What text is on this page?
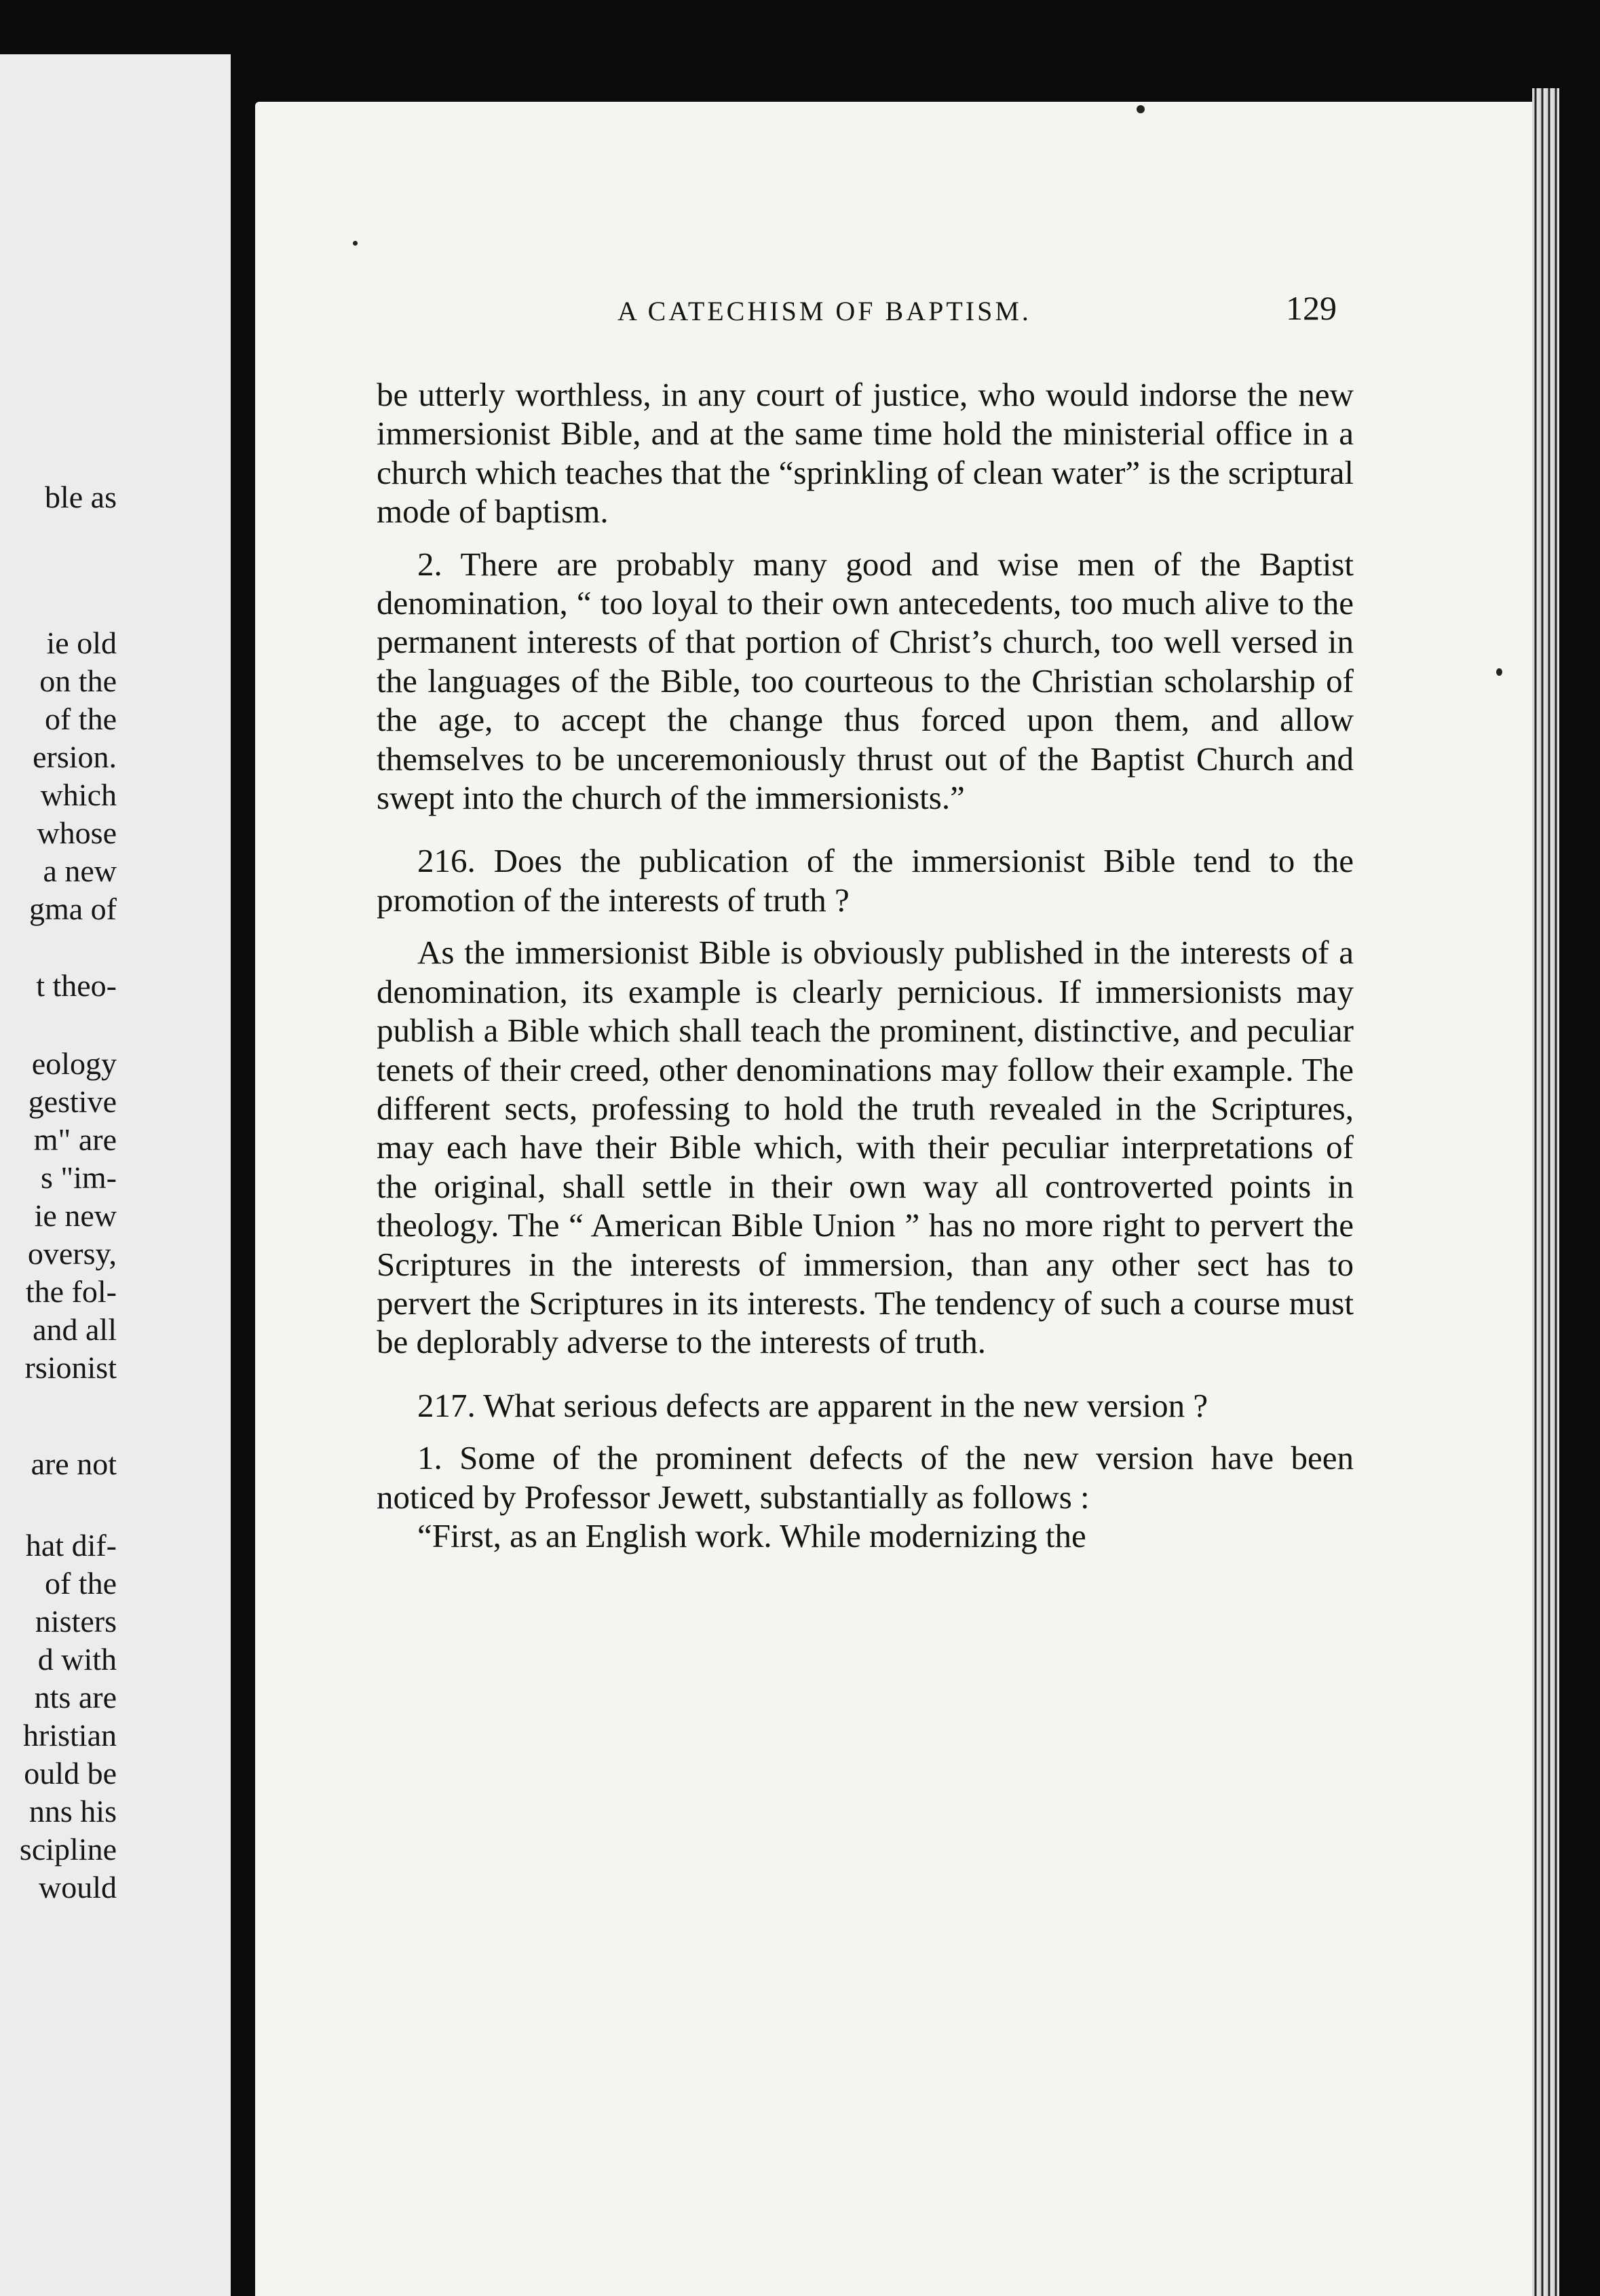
ble as
ie old
on the
of the
ersion.
which
whose
a new
gma of
t theo-
eology
gestive
m" are
s "im-
ie new
oversy,
the fol-
and all
rsionist
are not
hat dif-
of the
nisters
d with
nts are
hristian
ould be
nns his
scipline
would
A CATECHISM OF BAPTISM.	129

be utterly worthless, in any court of justice, who would indorse the new immersionist Bible, and at the same time hold the ministerial office in a church which teaches that the “sprinkling of clean water” is the scriptural mode of baptism.

2. There are probably many good and wise men of the Baptist denomination, “ too loyal to their own antecedents, too much alive to the permanent interests of that portion of Christ’s church, too well versed in the languages of the Bible, too courteous to the Christian scholarship of the age, to accept the change thus forced upon them, and allow themselves to be unceremoniously thrust out of the Baptist Church and swept into the church of the immersionists.”

216. Does the publication of the immersionist Bible tend to the promotion of the interests of truth ?

As the immersionist Bible is obviously published in the interests of a denomination, its example is clearly pernicious. If immersionists may publish a Bible which shall teach the prominent, distinctive, and peculiar tenets of their creed, other denominations may follow their example. The different sects, professing to hold the truth revealed in the Scriptures, may each have their Bible which, with their peculiar interpretations of the original, shall settle in their own way all controverted points in theology. The “ American Bible Union ” has no more right to pervert the Scriptures in the interests of immersion, than any other sect has to pervert the Scriptures in its interests. The tendency of such a course must be deplorably adverse to the interests of truth.

217. What serious defects are apparent in the new version ?

1. Some of the prominent defects of the new version have been noticed by Professor Jewett, substantially as follows :

“First, as an English work. While modernizing the
